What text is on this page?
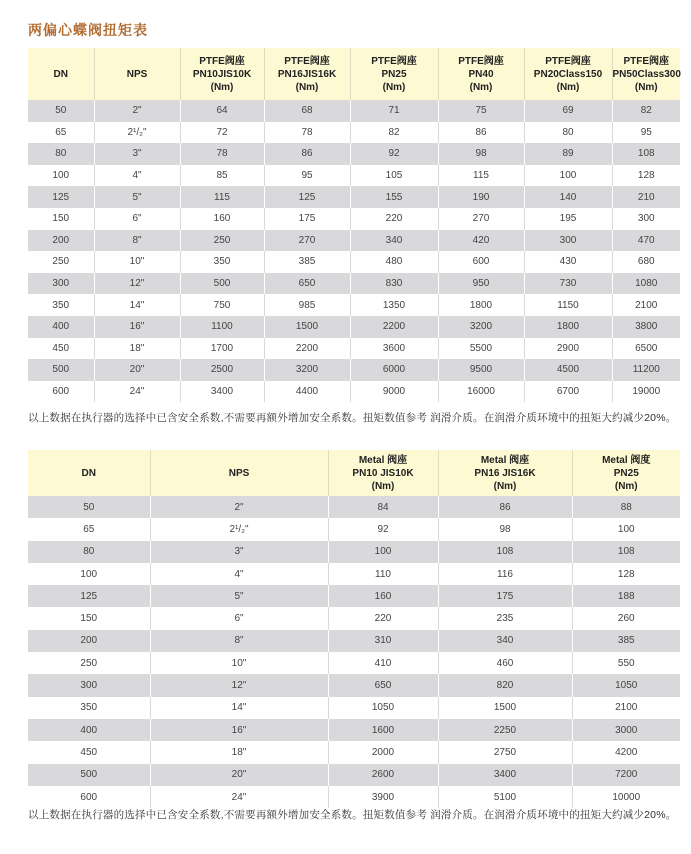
两偏心蝶阀扭矩表
DN	NPS	PTFE阀座
PN10JIS10K
(Nm)	PTFE阀座
PN16JIS16K
(Nm)	PTFE阀座
PN25
(Nm)	PTFE阀座
PN40
(Nm)	PTFE阀座
PN20Class150
(Nm)	PTFE阀座
PN50Class300
(Nm)
50	2"	64	68	71	75	69	82
65	2¹/₂"	72	78	82	86	80	95
80	3"	78	86	92	98	89	108
100	4"	85	95	105	115	100	128
125	5"	115	125	155	190	140	210
150	6"	160	175	220	270	195	300
200	8"	250	270	340	420	300	470
250	10"	350	385	480	600	430	680
300	12"	500	650	830	950	730	1080
350	14"	750	985	1350	1800	1150	2100
400	16"	1100	1500	2200	3200	1800	3800
450	18"	1700	2200	3600	5500	2900	6500
500	20"	2500	3200	6000	9500	4500	11200
600	24"	3400	4400	9000	16000	6700	19000
以上数据在执行器的选择中已含安全系数,不需要再额外增加安全系数。扭矩数值参考 润滑介质。在润滑介质环境中的扭矩大约减少20%。
DN	NPS	Metal 阀座
PN10 JIS10K
(Nm)	Metal 阀座
PN16 JIS16K
(Nm)	Metal 阀度
PN25
(Nm)
50	2"	84	86	88
65	2¹/₂"	92	98	100
80	3"	100	108	108
100	4"	110	116	128
125	5"	160	175	188
150	6"	220	235	260
200	8"	310	340	385
250	10"	410	460	550
300	12"	650	820	1050
350	14"	1050	1500	2100
400	16"	1600	2250	3000
450	18"	2000	2750	4200
500	20"	2600	3400	7200
600	24"	3900	5100	10000
以上数据在执行器的选择中已含安全系数,不需要再额外增加安全系数。扭矩数值参考 润滑介质。在润滑介质环境中的扭矩大约减少20%。
